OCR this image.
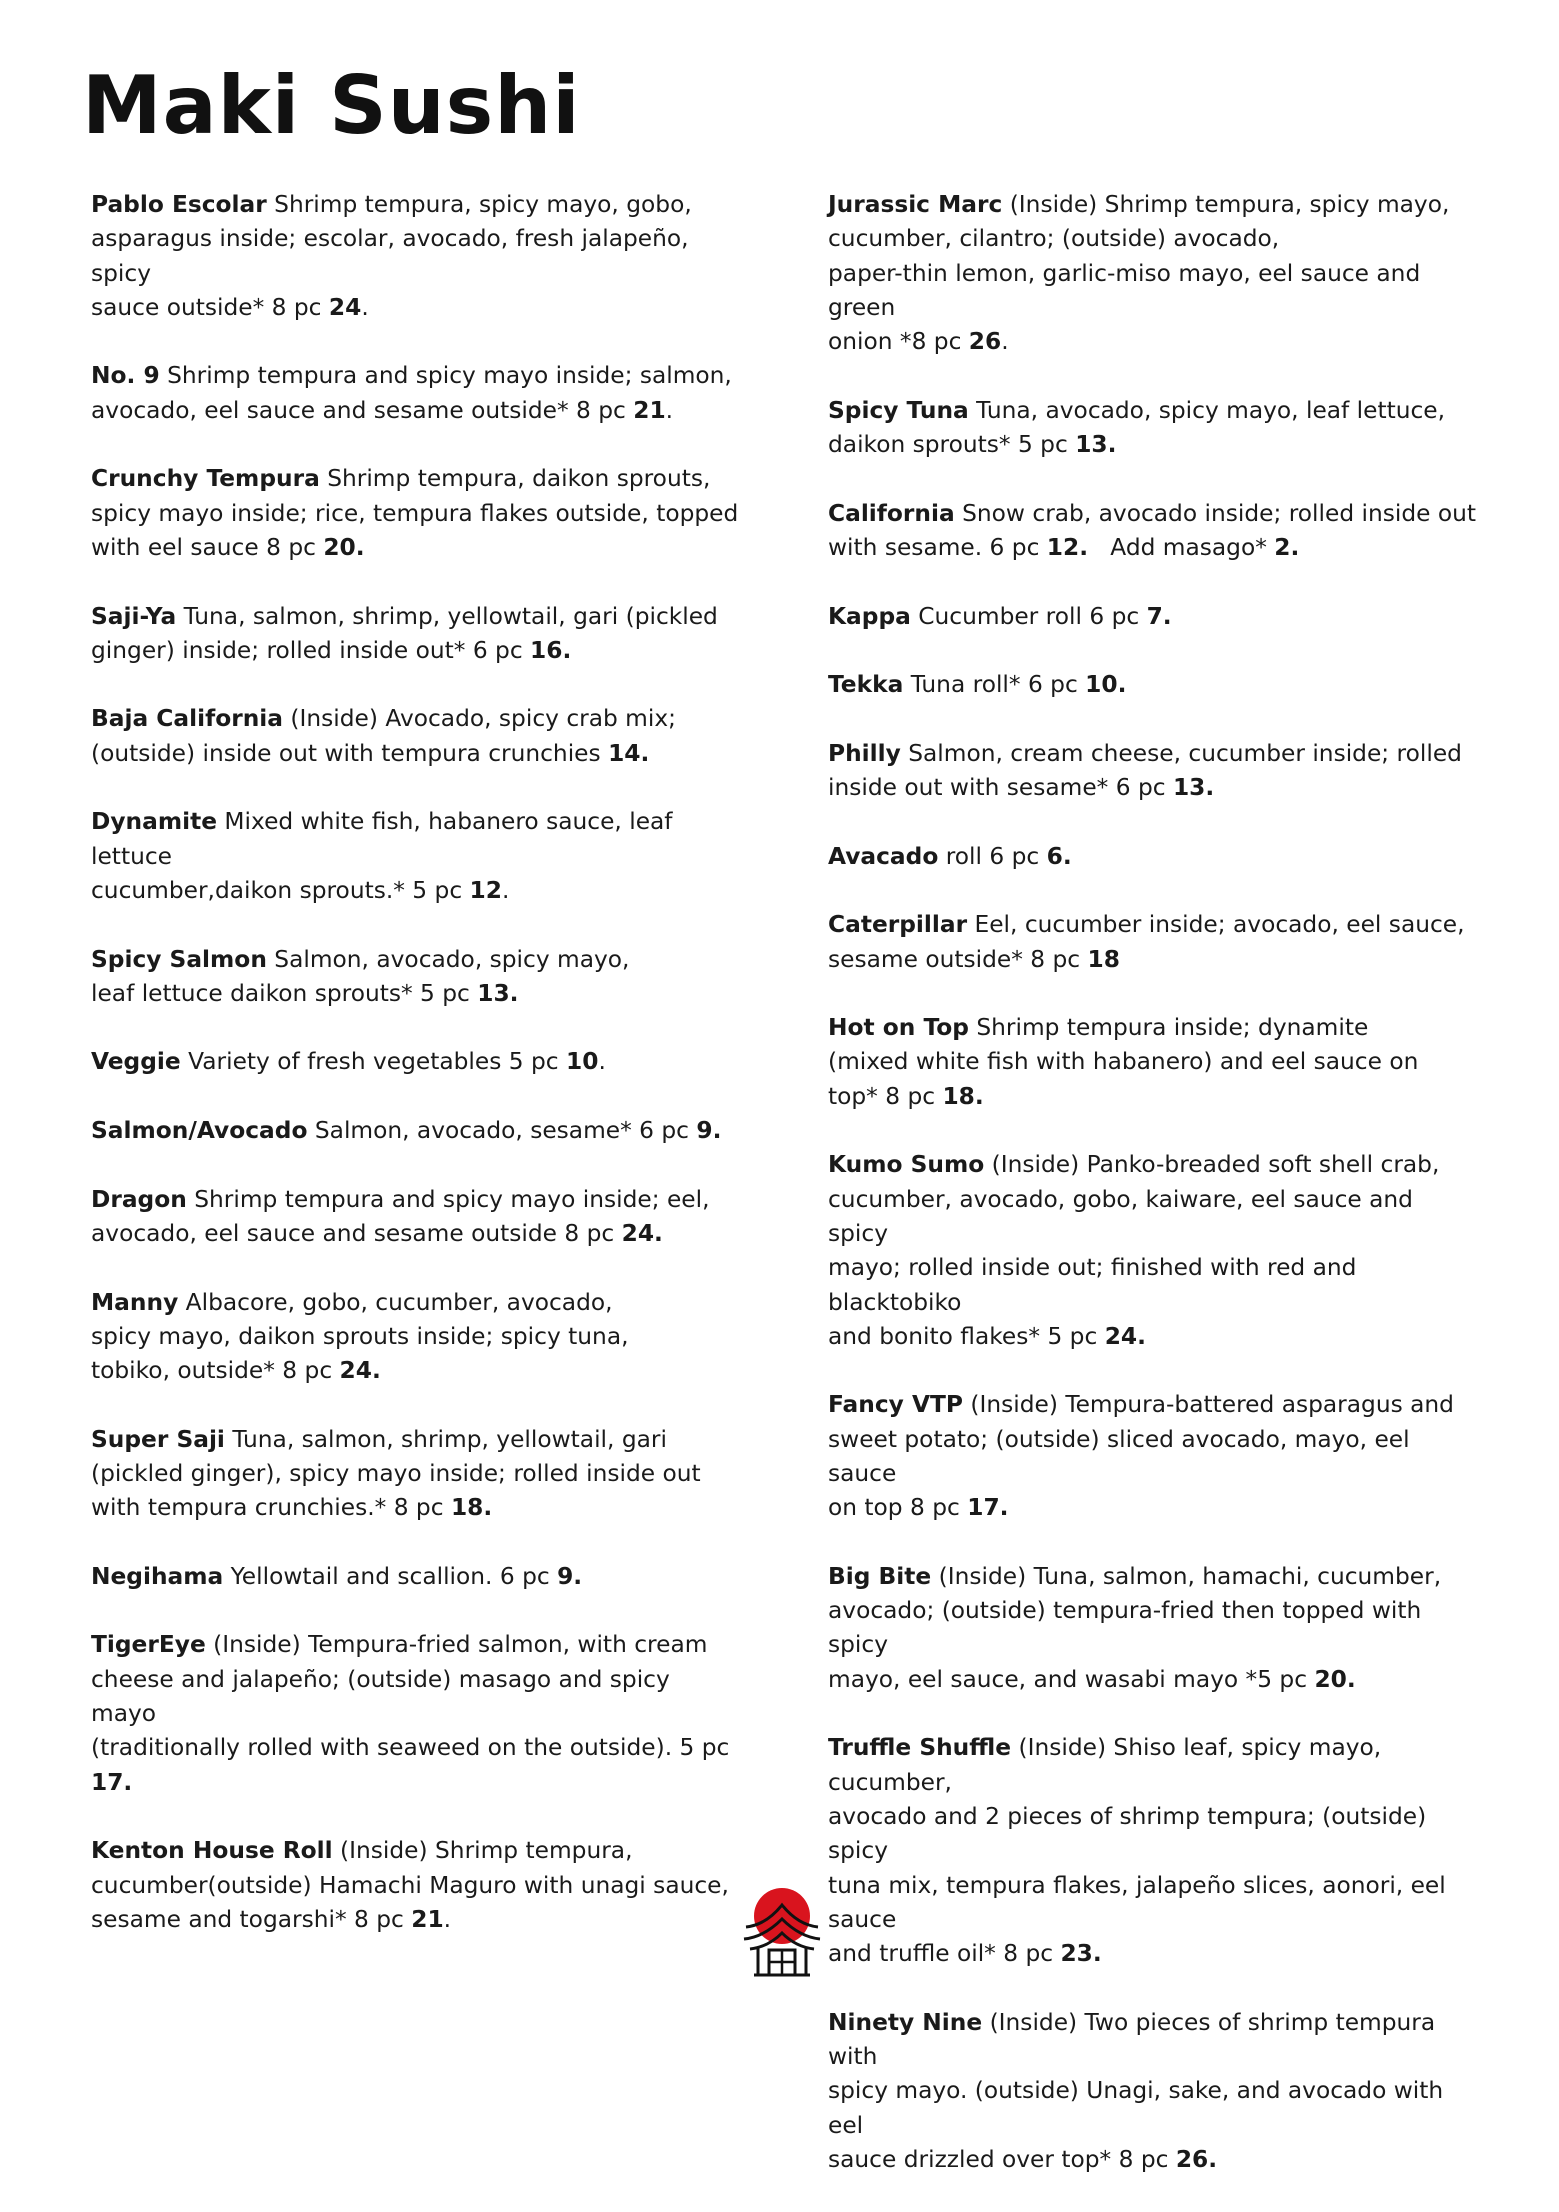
Maki Sushi

Pablo Escolar Shrimp tempura, spicy mayo, gobo,
asparagus inside; escolar, avocado, fresh jalapeño, spicy
sauce outside* 8 pc 24.

No. 9 Shrimp tempura and spicy mayo inside; salmon,
avocado, eel sauce and sesame outside* 8 pc 21.

Crunchy Tempura Shrimp tempura, daikon sprouts,
spicy mayo inside; rice, tempura flakes outside, topped
with eel sauce 8 pc 20.

Saji-Ya Tuna, salmon, shrimp, yellowtail, gari (pickled
ginger) inside; rolled inside out* 6 pc 16.

Baja California (Inside) Avocado, spicy crab mix;
(outside) inside out with tempura crunchies 14.

Dynamite Mixed white fish, habanero sauce, leaf lettuce
cucumber,daikon sprouts.* 5 pc 12.

Spicy Salmon Salmon, avocado, spicy mayo,
leaf lettuce daikon sprouts* 5 pc 13.

Veggie Variety of fresh vegetables 5 pc 10.

Salmon/Avocado Salmon, avocado, sesame* 6 pc 9.

Dragon Shrimp tempura and spicy mayo inside; eel,
avocado, eel sauce and sesame outside 8 pc 24.

Manny Albacore, gobo, cucumber, avocado,
spicy mayo, daikon sprouts inside; spicy tuna,
tobiko, outside* 8 pc 24.

Super Saji Tuna, salmon, shrimp, yellowtail, gari
(pickled ginger), spicy mayo inside; rolled inside out
with tempura crunchies.* 8 pc 18.

Negihama Yellowtail and scallion. 6 pc 9.

TigerEye (Inside) Tempura-fried salmon, with cream
cheese and jalapeño; (outside) masago and spicy mayo
(traditionally rolled with seaweed on the outside). 5 pc 17.

Kenton House Roll (Inside) Shrimp tempura,
cucumber(outside) Hamachi Maguro with unagi sauce,
sesame and togarshi* 8 pc 21.

Jurassic Marc (Inside) Shrimp tempura, spicy mayo,
cucumber, cilantro; (outside) avocado,
paper-thin lemon, garlic-miso mayo, eel sauce and green
onion *8 pc 26.

Spicy Tuna Tuna, avocado, spicy mayo, leaf lettuce,
daikon sprouts* 5 pc 13.

California Snow crab, avocado inside; rolled inside out
with sesame. 6 pc 12.   Add masago* 2.

Kappa Cucumber roll 6 pc 7.

Tekka Tuna roll* 6 pc 10.

Philly Salmon, cream cheese, cucumber inside; rolled
inside out with sesame* 6 pc 13.

Avacado roll 6 pc 6.

Caterpillar Eel, cucumber inside; avocado, eel sauce,
sesame outside* 8 pc 18

Hot on Top Shrimp tempura inside; dynamite
(mixed white fish with habanero) and eel sauce on
top* 8 pc 18.

Kumo Sumo (Inside) Panko-breaded soft shell crab,
cucumber, avocado, gobo, kaiware, eel sauce and spicy
mayo; rolled inside out; finished with red and blacktobiko
and bonito flakes* 5 pc 24.

Fancy VTP (Inside) Tempura-battered asparagus and
sweet potato; (outside) sliced avocado, mayo, eel sauce
on top 8 pc 17.

Big Bite (Inside) Tuna, salmon, hamachi, cucumber,
avocado; (outside) tempura-fried then topped with spicy
mayo, eel sauce, and wasabi mayo *5 pc 20.

Truffle Shuffle (Inside) Shiso leaf, spicy mayo, cucumber,
avocado and 2 pieces of shrimp tempura; (outside) spicy
tuna mix, tempura flakes, jalapeño slices, aonori, eel sauce
and truffle oil* 8 pc 23.

Ninety Nine (Inside) Two pieces of shrimp tempura with
spicy mayo. (outside) Unagi, sake, and avocado with eel
sauce drizzled over top* 8 pc 26.
